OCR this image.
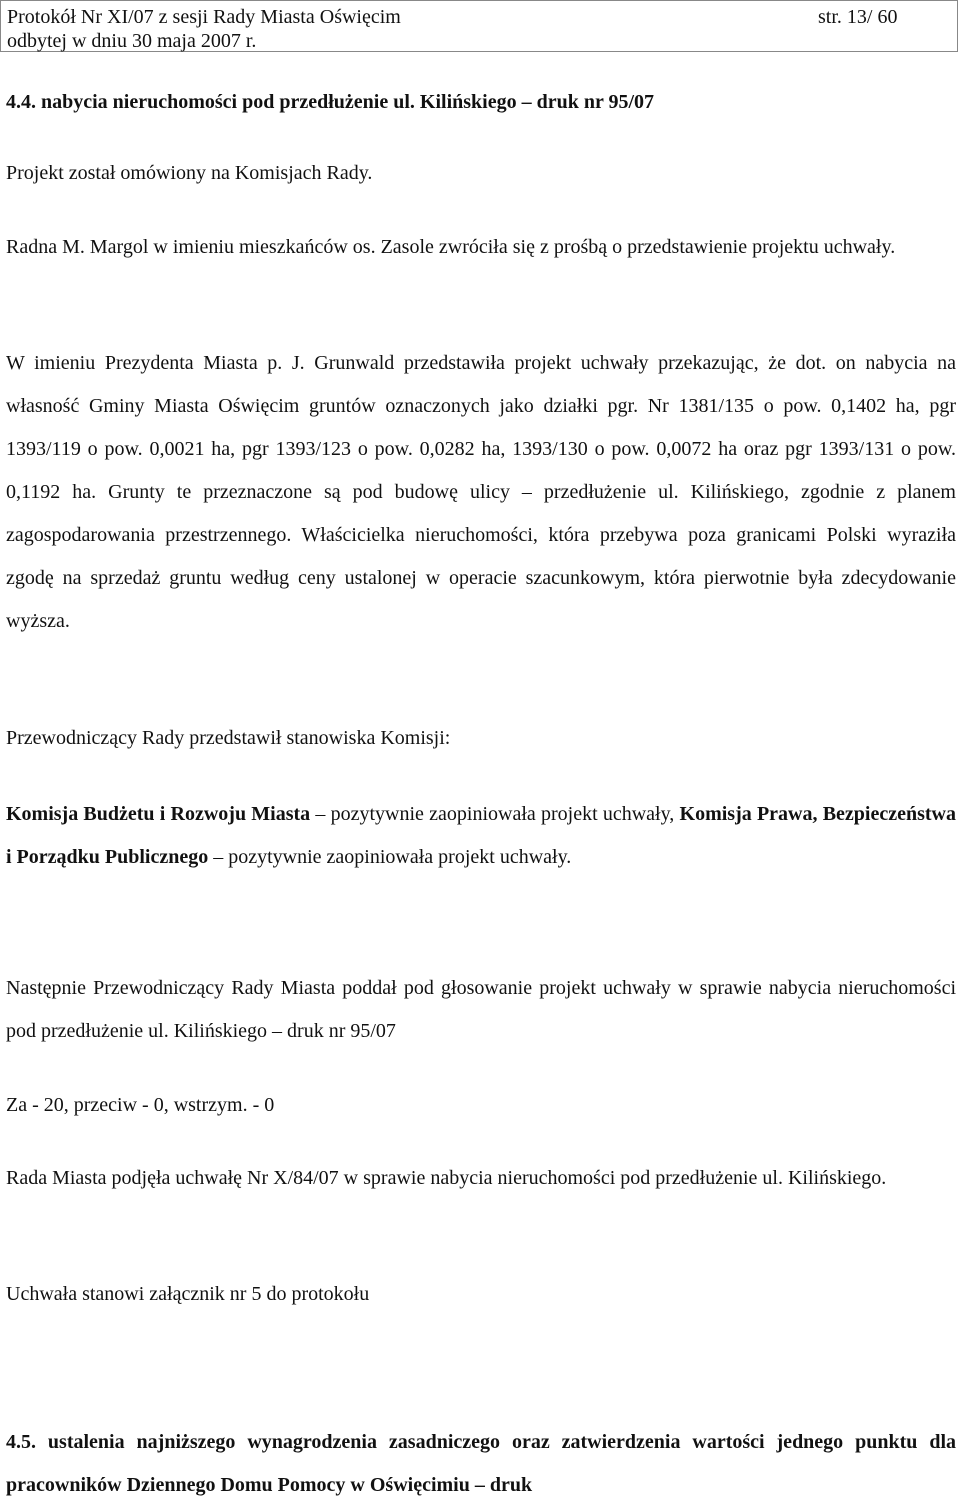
Protokół Nr XI/07 z sesji Rady Miasta Oświęcim
odbytej w dniu 30 maja 2007 r.
str. 13/ 60
4.4. nabycia nieruchomości pod przedłużenie ul. Kilińskiego – druk nr 95/07
Projekt został omówiony na Komisjach Rady.
Radna M. Margol w imieniu mieszkańców os. Zasole zwróciła się z prośbą o przedstawienie projektu uchwały.
W imieniu Prezydenta Miasta p. J. Grunwald przedstawiła projekt uchwały przekazując, że dot. on nabycia na własność Gminy Miasta Oświęcim gruntów oznaczonych jako działki pgr. Nr 1381/135 o pow. 0,1402 ha, pgr 1393/119 o pow. 0,0021 ha, pgr 1393/123 o pow. 0,0282 ha, 1393/130 o pow. 0,0072 ha oraz pgr 1393/131 o pow. 0,1192 ha. Grunty te przeznaczone są pod budowę ulicy – przedłużenie ul. Kilińskiego, zgodnie z planem zagospodarowania przestrzennego. Właścicielka nieruchomości, która przebywa poza granicami Polski wyraziła zgodę na sprzedaż gruntu według ceny ustalonej w operacie szacunkowym, która pierwotnie była zdecydowanie wyższa.
Przewodniczący Rady przedstawił stanowiska Komisji:
Komisja Budżetu i Rozwoju Miasta – pozytywnie zaopiniowała projekt uchwały, Komisja Prawa, Bezpieczeństwa i Porządku Publicznego – pozytywnie zaopiniowała projekt uchwały.
Następnie Przewodniczący Rady Miasta poddał pod głosowanie projekt uchwały w sprawie nabycia nieruchomości pod przedłużenie ul. Kilińskiego – druk nr 95/07
Za - 20, przeciw - 0, wstrzym. - 0
Rada Miasta podjęła uchwałę Nr X/84/07 w sprawie nabycia nieruchomości pod przedłużenie ul. Kilińskiego.
Uchwała stanowi załącznik nr 5 do protokołu
4.5. ustalenia najniższego wynagrodzenia zasadniczego oraz zatwierdzenia wartości jednego punktu dla pracowników Dziennego Domu Pomocy w Oświęcimiu – druk
